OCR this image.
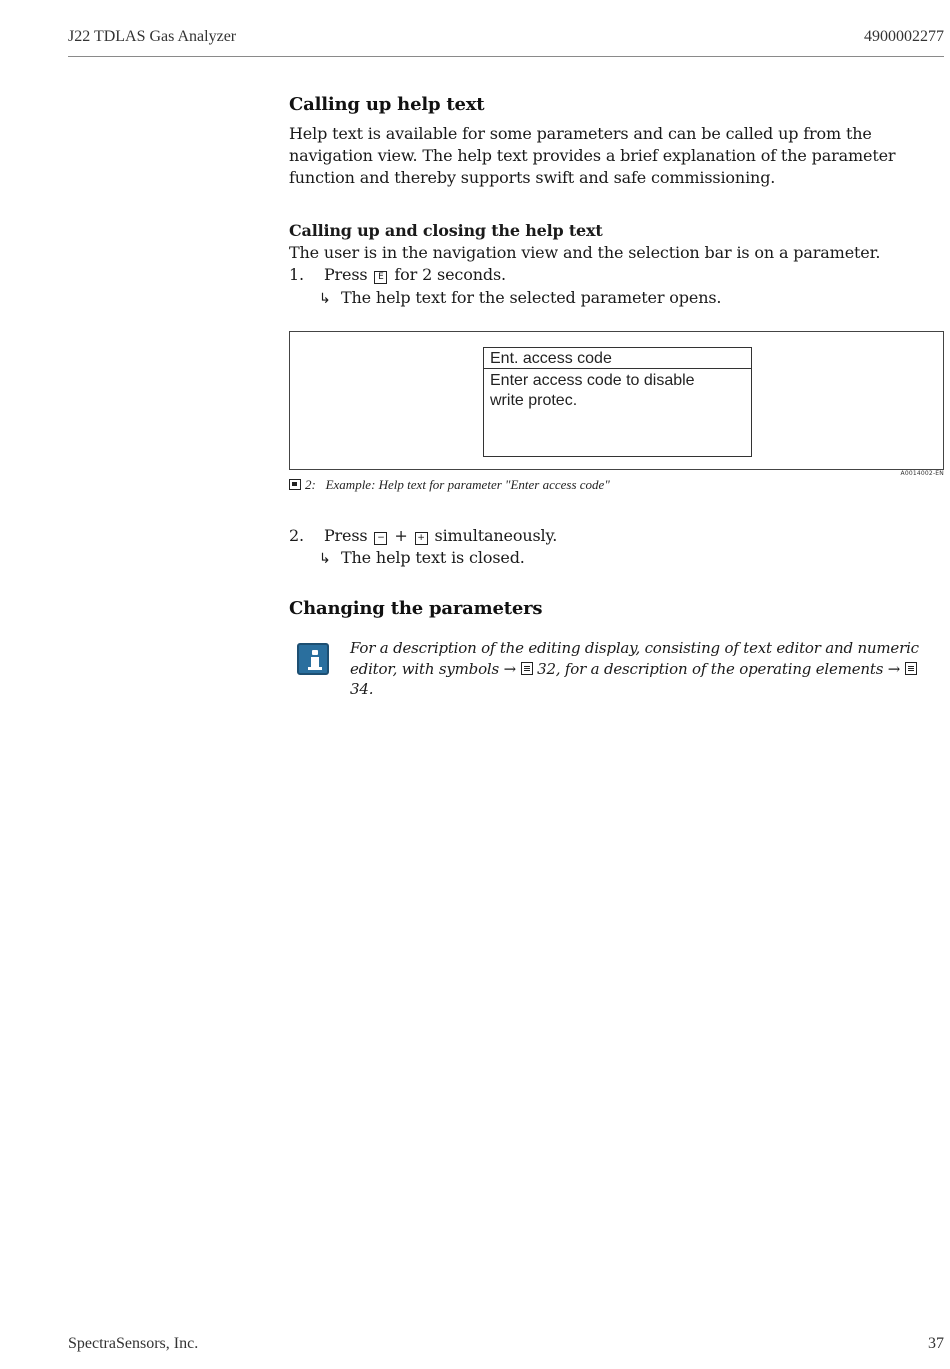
J22 TDLAS Gas Analyzer	4900002277
Calling up help text

Help text is available for some parameters and can be called up from the navigation view. The help text provides a brief explanation of the parameter function and thereby supports swift and safe commissioning.

Calling up and closing the help text

The user is in the navigation view and the selection bar is on a parameter.

1. Press E for 2 seconds.
↳ The help text for the selected parameter opens.
Ent. access code
Enter access code to disable
write protec.
A0014002-EN
2: Example: Help text for parameter "Enter access code"
2. Press − + + simultaneously.
↳ The help text is closed.
Changing the parameters
For a description of the editing display, consisting of text editor and numeric editor, with symbols → 32, for a description of the operating elements →  34.
SpectraSensors, Inc.	37
